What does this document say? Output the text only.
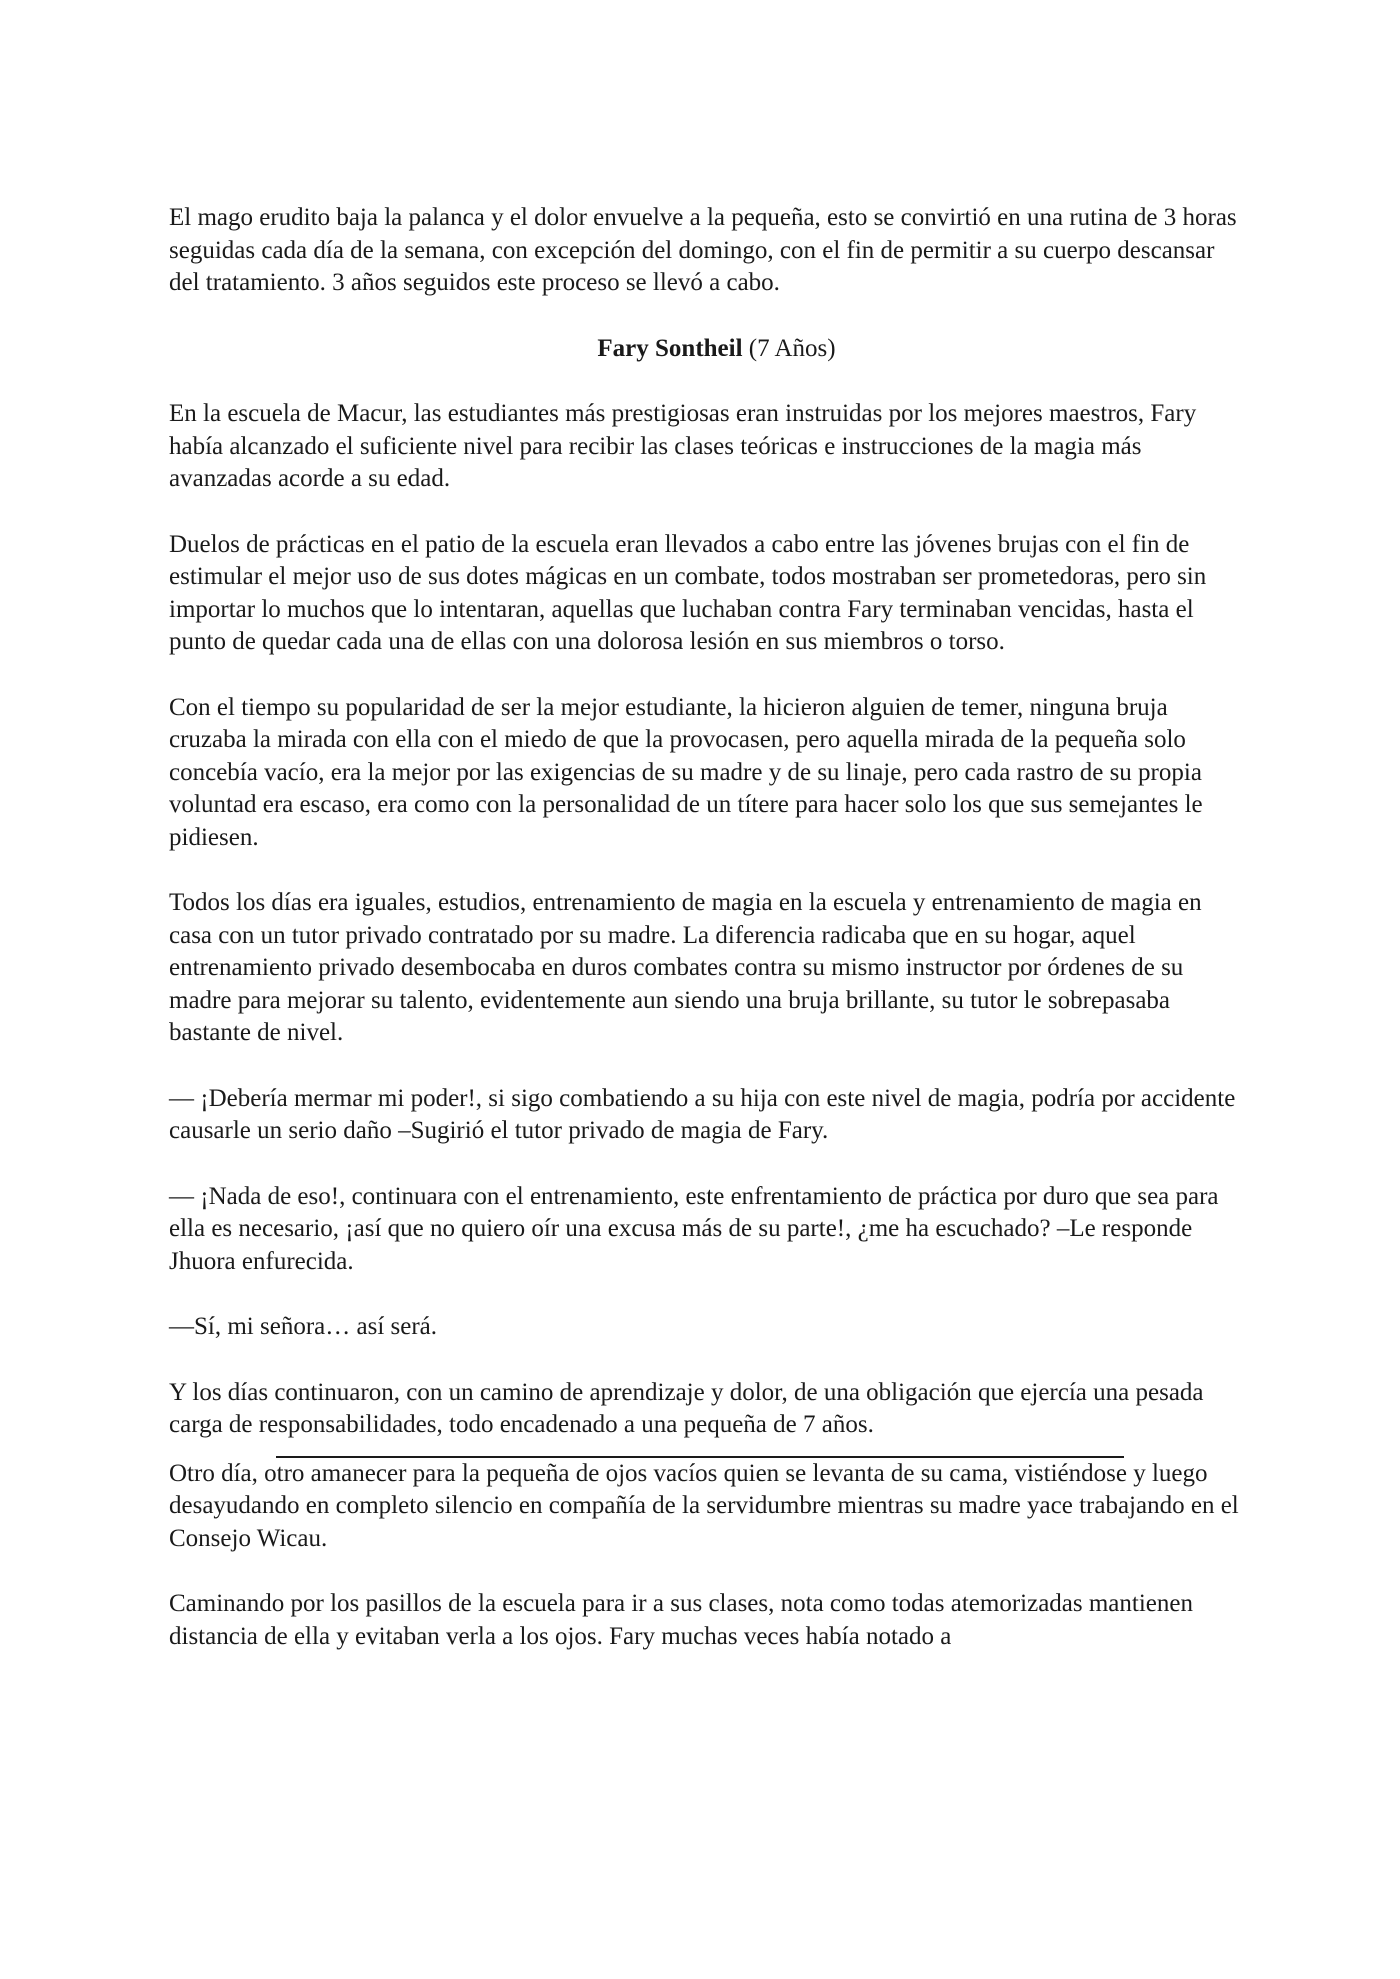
El mago erudito baja la palanca y el dolor envuelve a la pequeña, esto se convirtió en una rutina de 3 horas seguidas cada día de la semana, con excepción del domingo, con el fin de permitir a su cuerpo descansar del tratamiento. 3 años seguidos este proceso se llevó a cabo.

Fary Sontheil (7 Años)

En la escuela de Macur, las estudiantes más prestigiosas eran instruidas por los mejores maestros, Fary había alcanzado el suficiente nivel para recibir las clases teóricas e instrucciones de la magia más avanzadas acorde a su edad.

Duelos de prácticas en el patio de la escuela eran llevados a cabo entre las jóvenes brujas con el fin de estimular el mejor uso de sus dotes mágicas en un combate, todos mostraban ser prometedoras, pero sin importar lo muchos que lo intentaran, aquellas que luchaban contra Fary terminaban vencidas, hasta el punto de quedar cada una de ellas con una dolorosa lesión en sus miembros o torso.

Con el tiempo su popularidad de ser la mejor estudiante, la hicieron alguien de temer, ninguna bruja cruzaba la mirada con ella con el miedo de que la provocasen, pero aquella mirada de la pequeña solo concebía vacío, era la mejor por las exigencias de su madre y de su linaje, pero cada rastro de su propia voluntad era escaso, era como con la personalidad de un títere para hacer solo los que sus semejantes le pidiesen.

Todos los días era iguales, estudios, entrenamiento de magia en la escuela y entrenamiento de magia en casa con un tutor privado contratado por su madre. La diferencia radicaba que en su hogar, aquel entrenamiento privado desembocaba en duros combates contra su mismo instructor por órdenes de su madre para mejorar su talento, evidentemente aun siendo una bruja brillante, su tutor le sobrepasaba bastante de nivel.

— ¡Debería mermar mi poder!, si sigo combatiendo a su hija con este nivel de magia, podría por accidente causarle un serio daño –Sugirió el tutor privado de magia de Fary.

— ¡Nada de eso!, continuara con el entrenamiento, este enfrentamiento de práctica por duro que sea para ella es necesario, ¡así que no quiero oír una excusa más de su parte!, ¿me ha escuchado? –Le responde Jhuora enfurecida.

—Sí, mi señora… así será.

Y los días continuaron, con un camino de aprendizaje y dolor, de una obligación que ejercía una pesada carga de responsabilidades, todo encadenado a una pequeña de 7 años.

Otro día, otro amanecer para la pequeña de ojos vacíos quien se levanta de su cama, vistiéndose y luego desayudando en completo silencio en compañía de la servidumbre mientras su madre yace trabajando en el Consejo Wicau.

Caminando por los pasillos de la escuela para ir a sus clases, nota como todas atemorizadas mantienen distancia de ella y evitaban verla a los ojos. Fary muchas veces había notado a
